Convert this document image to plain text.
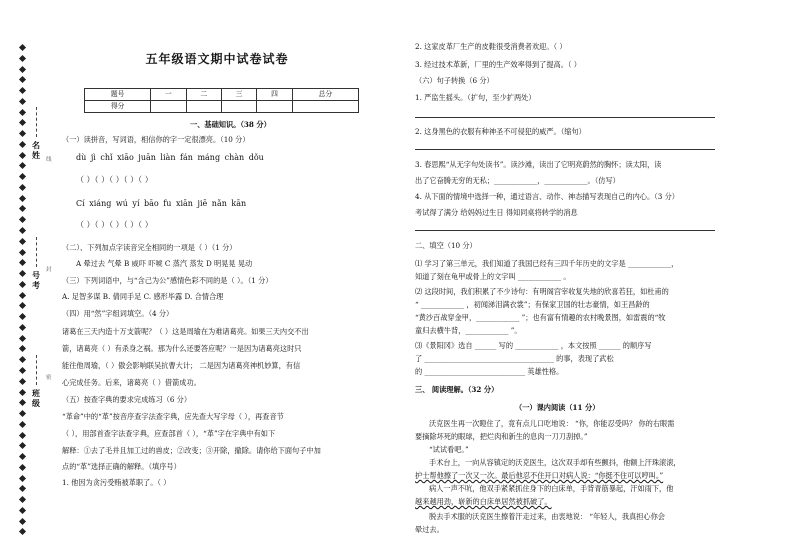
名
姓
号
考
班
级
线
封
密
五年级语文期中试卷试卷
题号	一	二	三	四	总分
得分					
一、基础知识。（38 分）
（一）读拼音，写词语，相信你的字一定很漂亮。（10 分）
dù jì chǐ xiāo juān liàn fán máng chàn dǒu
（ ）（ ）（ ）（ ）（ ）
Cí xiáng wú yí bāo fu xiān jiē nǎn kān
（ ）（ ）（ ）（ ）（ ）
（二）、下列加点字读音完全相同的一项是（ ）（1 分）
A 晕过去 气晕 B 威吓 吓唬 C 蒸汽 蒸发 D 明晃晃 晃动
（三）下列词语中，与“含己为公”感情色彩不同的是（ ）。（1 分）
A. 足智多谋 B. 倩同手足 C. 感形毕露 D. 合情合理
（四）用“然”字组词填空。（4 分）
诸葛在三天内造十万支箭呢？（ ）这是周瑜在为难诸葛亮。如果三天内交不出
箭，诸葛亮（ ）有杀身之祸。那为什么还要答应呢？一是因为诸葛亮这时只
能往他周瑜，（ ）傲会影响联吴抗曹大计； 二是因为诸葛亮神机妙算，有信
心完成任务。后来，诸葛亮（ ）借箭成功。
（五）按查字典的要求完成练习（6 分）
“革命”中的“革”按音序查字法查字典，应先查大写字母（ ），再查音节
（ ），用部首查字法查字典，应查部首（ ），“革”字在字典中有如下
解释：①去了毛并且加工过的兽皮；②改变；③开除，撤除。请你给下面句子中加
点的“革”选择正确的解释。（填序号）
1. 他因为贪污受贿被革职了。（ ）
2. 这家皮革厂生产的皮鞋很受消费者欢迎。（ ）
3. 经过技术革新，厂里的生产效率得到了提高。（ ）
（六）句子转换（6 分）
1. 严监生摇头。（扩句，至少扩两处）
2. 这身黑色的衣服有种神圣不可侵犯的威严。（缩句）
3. 春思熙“从无字句处读书”。读沙滩，读出了它明亮蔚然的胸怀；读太阳，读
出了它奋腾无穷的无私；____________，____________。（仿写）
4. 从下面的情境中选择一种，通过语言、动作、神态描写表现自己的内心。（3 分）
考试得了满分 给妈妈过生日 得知同桌将转学的消息
二、填空（10 分）
⑴ 学习了第三单元，我们知道了我国已经有三四千年历史的文字是 ____________，
知道了刻在龟甲或骨上的文字叫 ____________ 。
⑵ 这段时间，我们积累了不少诗句：有明阁宫宰收复失地的欣喜若狂，如杜甫的
“ ____________ ，初闻涕泪满衣裳”；有保家卫国的壮志豪情，如王昌龄的
“黄沙百战穿金甲，____________ ”；也有富有情趣的农村晚景图，如雷震的“牧
童归去横牛背，____________ ”。
⑶《景阳冈》选自 ______ 写的 ____________ ，本文按照 ______ 的顺序写
了 ____________________________________ 的事，表现了武松
的 ____________________________ 英雄性格。
三、 阅读理解。（32 分）
（一）课内阅读（11 分）
沃克医生再一次瞪住了，竟有点儿口吃地说： “你，你能忍受吗？ 你的右眼需
要摘除坏死的眼球，把烂肉和新生的息肉一刀刀刮掉。”
“试试看吧。”
手术台上，一向从容镇定的沃克医生，这次双手却有些颤抖，他额上汗珠滚滚，
护士帮他擦了一次又一次。最后他忍不住开口对病人说：“你挺不住可以哼叫。”
病人一声不吭，他双手紧紧抓住身下的白床单，手背青筋暴起，汗如雨下，他
越来越用劲，崭新的白床单居然被抓破了。
脱去手术服的沃克医生擦着汗走过来，由衷地说： “年轻人，我真担心你会
晕过去。
